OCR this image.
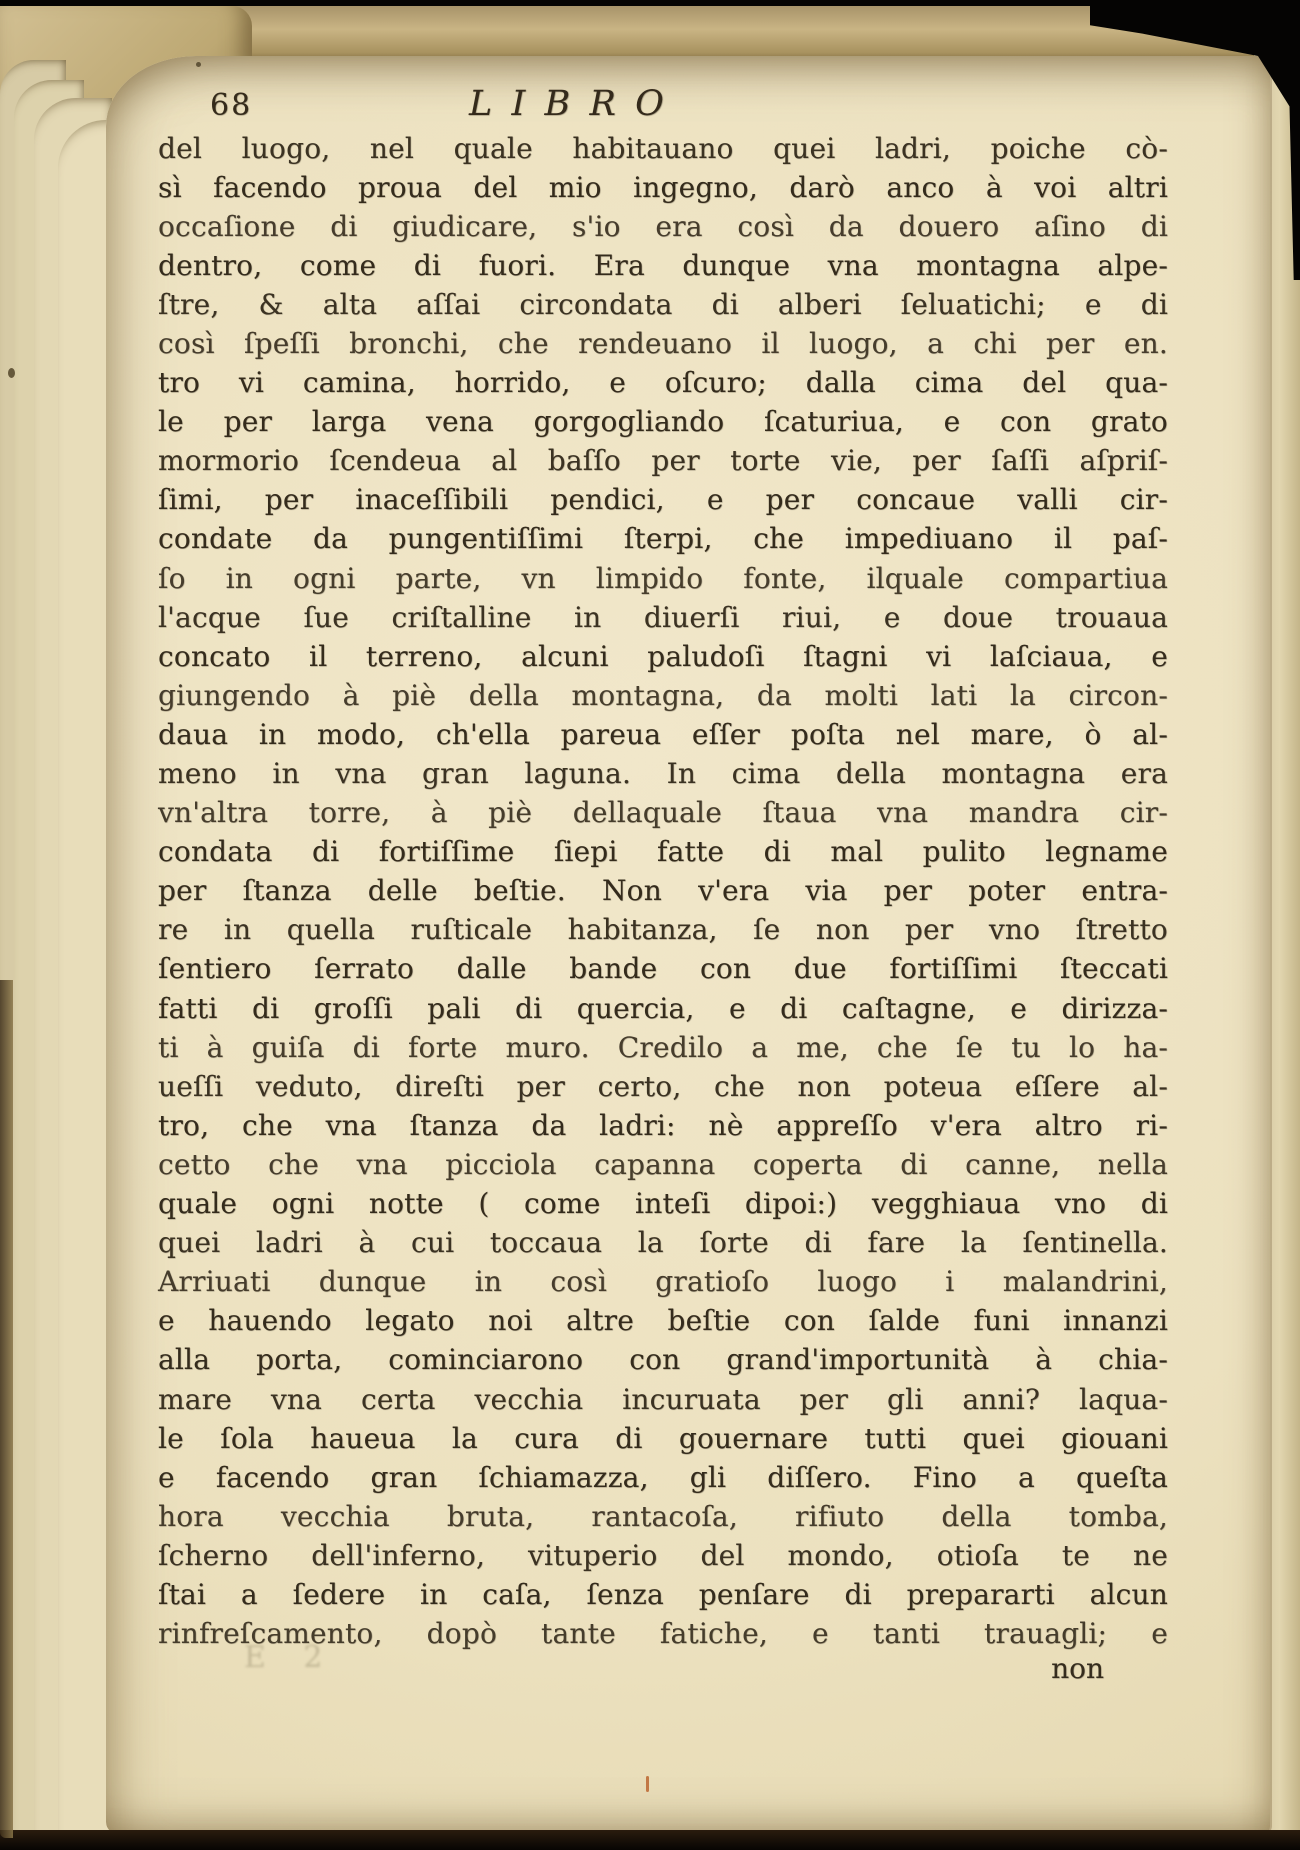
68	LIBRO
del luogo, nel quale habitauano quei ladri, poiche cò-
sì facendo proua del mio ingegno, darò anco à voi altri
occaſione di giudicare, s'io era così da douero aſino di
dentro, come di fuori. Era dunque vna montagna alpe-
ſtre, & alta aſſai circondata di alberi ſeluatichi; e di
così ſpeſſi bronchi, che rendeuano il luogo, a chi per en.
tro vi camina, horrido, e oſcuro; dalla cima del qua-
le per larga vena gorgogliando ſcaturiua, e con grato
mormorio ſcendeua al baſſo per torte vie, per ſaſſi aſpriſ-
ſimi, per inaceſſibili pendici, e per concaue valli cir-
condate da pungentiſſimi ſterpi, che impediuano il paſ-
ſo in ogni parte, vn limpido fonte, ilquale compartiua
l'acque ſue criſtalline in diuerſi riui, e doue trouaua
concato il terreno, alcuni paludoſi ſtagni vi laſciaua, e
giungendo à piè della montagna, da molti lati la circon-
daua in modo, ch'ella pareua eſſer poſta nel mare, ò al-
meno in vna gran laguna. In cima della montagna era
vn'altra torre, à piè dellaquale ſtaua vna mandra cir-
condata di fortiſſime ſiepi fatte di mal pulito legname
per ſtanza delle beſtie. Non v'era via per poter entra-
re in quella ruſticale habitanza, ſe non per vno ſtretto
ſentiero ſerrato dalle bande con due fortiſſimi ſteccati
fatti di groſſi pali di quercia, e di caſtagne, e dirizza-
ti à guiſa di forte muro. Credilo a me, che ſe tu lo ha-
ueſſi veduto, direſti per certo, che non poteua eſſere al-
tro, che vna ſtanza da ladri: nè appreſſo v'era altro ri-
cetto che vna picciola capanna coperta di canne, nella
quale ogni notte ( come inteſi dipoi:) vegghiaua vno di
quei ladri à cui toccaua la ſorte di fare la ſentinella.
Arriuati dunque in così gratioſo luogo i malandrini,
e hauendo legato noi altre beſtie con ſalde funi innanzi
alla porta, cominciarono con grand'importunità à chia-
mare vna certa vecchia incuruata per gli anni? laqua-
le ſola haueua la cura di gouernare tutti quei giouani
e facendo gran ſchiamazza, gli diſſero. Fino a queſta
hora vecchia bruta, rantacoſa, rifiuto della tomba,
ſcherno dell'inferno, vituperio del mondo, otioſa te ne
ſtai a ſedere in caſa, ſenza penſare di prepararti alcun
rinfreſcamento, dopò tante fatiche, e tanti trauagli; e
E 2	non
